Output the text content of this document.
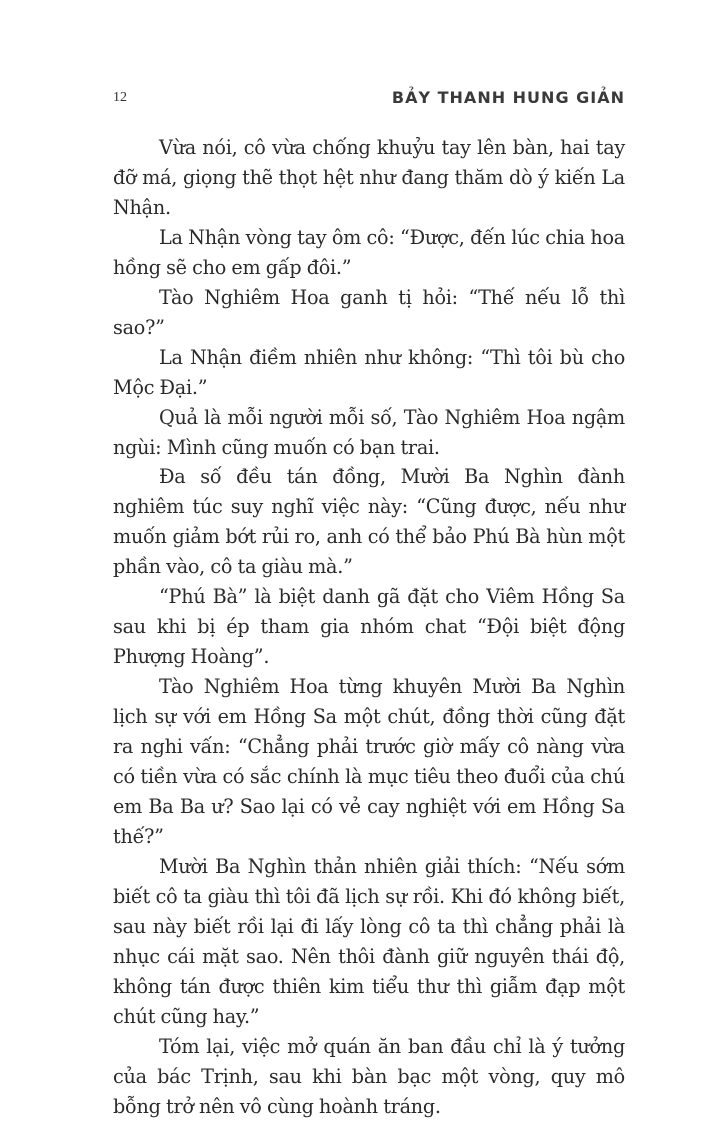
12	BẢY THANH HUNG GIẢN

Vừa nói, cô vừa chống khuỷu tay lên bàn, hai tay đỡ má, giọng thẽ thọt hệt như đang thăm dò ý kiến La Nhận.

La Nhận vòng tay ôm cô: “Được, đến lúc chia hoa hồng sẽ cho em gấp đôi.”

Tào Nghiêm Hoa ganh tị hỏi: “Thế nếu lỗ thì sao?”

La Nhận điềm nhiên như không: “Thì tôi bù cho Mộc Đại.”

Quả là mỗi người mỗi số, Tào Nghiêm Hoa ngậm ngùi: Mình cũng muốn có bạn trai.

Đa số đều tán đồng, Mười Ba Nghìn đành nghiêm túc suy nghĩ việc này: “Cũng được, nếu như muốn giảm bớt rủi ro, anh có thể bảo Phú Bà hùn một phần vào, cô ta giàu mà.”

“Phú Bà” là biệt danh gã đặt cho Viêm Hồng Sa sau khi bị ép tham gia nhóm chat “Đội biệt động Phượng Hoàng”.

Tào Nghiêm Hoa từng khuyên Mười Ba Nghìn lịch sự với em Hồng Sa một chút, đồng thời cũng đặt ra nghi vấn: “Chẳng phải trước giờ mấy cô nàng vừa có tiền vừa có sắc chính là mục tiêu theo đuổi của chú em Ba Ba ư? Sao lại có vẻ cay nghiệt với em Hồng Sa thế?”

Mười Ba Nghìn thản nhiên giải thích: “Nếu sớm biết cô ta giàu thì tôi đã lịch sự rồi. Khi đó không biết, sau này biết rồi lại đi lấy lòng cô ta thì chẳng phải là nhục cái mặt sao. Nên thôi đành giữ nguyên thái độ, không tán được thiên kim tiểu thư thì giẫm đạp một chút cũng hay.”

Tóm lại, việc mở quán ăn ban đầu chỉ là ý tưởng của bác Trịnh, sau khi bàn bạc một vòng, quy mô bỗng trở nên vô cùng hoành tráng.
